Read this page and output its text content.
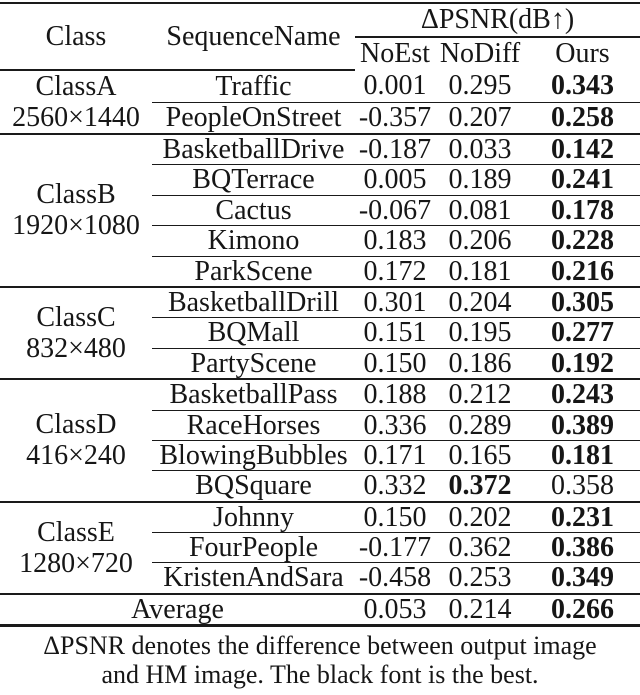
Class	SequenceName	ΔPSNR(dB↑)		
		NoEst	NoDiff	Ours

ClassA
2560×1440	Traffic	0.001	0.295	0.343
	PeopleOnStreet	-0.357	0.207	0.258

ClassB
1920×1080	BasketballDrive	-0.187	0.033	0.142
	BQTerrace	0.005	0.189	0.241
	Cactus	-0.067	0.081	0.178
	Kimono	0.183	0.206	0.228
	ParkScene	0.172	0.181	0.216

ClassC
832×480	BasketballDrill	0.301	0.204	0.305
	BQMall	0.151	0.195	0.277
	PartyScene	0.150	0.186	0.192

ClassD
416×240	BasketballPass	0.188	0.212	0.243
	RaceHorses	0.336	0.289	0.389
	BlowingBubbles	0.171	0.165	0.181
	BQSquare	0.332	0.372	0.358

ClassE
1280×720	Johnny	0.150	0.202	0.231
	FourPeople	-0.177	0.362	0.386
	KristenAndSara	-0.458	0.253	0.349
Average		0.053	0.214	0.266
ΔPSNR denotes the difference between output image
and HM image. The black font is the best.
